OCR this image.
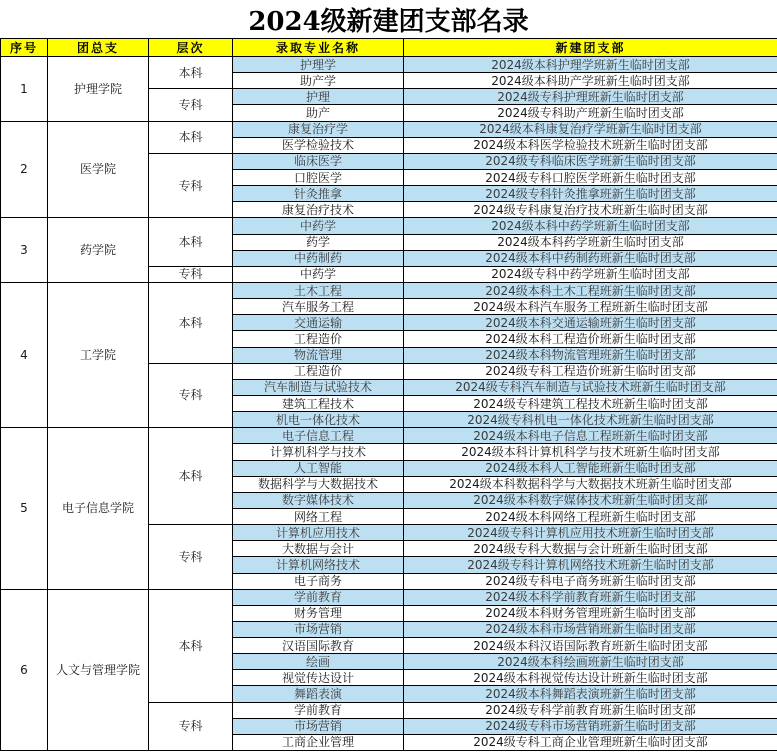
2024级新建团支部名录
序号	团总支	层次	录取专业名称	新建团支部
1	护理学院	本科	护理学	2024级本科护理学班新生临时团支部
			助产学	2024级本科助产学班新生临时团支部
		专科	护理	2024级专科护理班新生临时团支部
			助产	2024级专科助产班新生临时团支部
2	医学院	本科	康复治疗学	2024级本科康复治疗学班新生临时团支部
			医学检验技术	2024级本科医学检验技术班新生临时团支部
		专科	临床医学	2024级专科临床医学班新生临时团支部
			口腔医学	2024级专科口腔医学班新生临时团支部
			针灸推拿	2024级专科针灸推拿班新生临时团支部
			康复治疗技术	2024级专科康复治疗技术班新生临时团支部
3	药学院	本科	中药学	2024级本科中药学班新生临时团支部
			药学	2024级本科药学班新生临时团支部
			中药制药	2024级本科中药制药班新生临时团支部
		专科	中药学	2024级专科中药学班新生临时团支部
4	工学院	本科	土木工程	2024级本科土木工程班新生临时团支部
			汽车服务工程	2024级本科汽车服务工程班新生临时团支部
			交通运输	2024级本科交通运输班新生临时团支部
			工程造价	2024级本科工程造价班新生临时团支部
			物流管理	2024级本科物流管理班新生临时团支部
		专科	工程造价	2024级专科工程造价班新生临时团支部
			汽车制造与试验技术	2024级专科汽车制造与试验技术班新生临时团支部
			建筑工程技术	2024级专科建筑工程技术班新生临时团支部
			机电一体化技术	2024级专科机电一体化技术班新生临时团支部
5	电子信息学院	本科	电子信息工程	2024级本科电子信息工程班新生临时团支部
			计算机科学与技术	2024级本科计算机科学与技术班新生临时团支部
			人工智能	2024级本科人工智能班新生临时团支部
			数据科学与大数据技术	2024级本科数据科学与大数据技术班新生临时团支部
			数字媒体技术	2024级本科数字媒体技术班新生临时团支部
			网络工程	2024级本科网络工程班新生临时团支部
		专科	计算机应用技术	2024级专科计算机应用技术班新生临时团支部
			大数据与会计	2024级专科大数据与会计班新生临时团支部
			计算机网络技术	2024级专科计算机网络技术班新生临时团支部
			电子商务	2024级专科电子商务班新生临时团支部
6	人文与管理学院	本科	学前教育	2024级本科学前教育班新生临时团支部
			财务管理	2024级本科财务管理班新生临时团支部
			市场营销	2024级本科市场营销班新生临时团支部
			汉语国际教育	2024级本科汉语国际教育班新生临时团支部
			绘画	2024级本科绘画班新生临时团支部
			视觉传达设计	2024级本科视觉传达设计班新生临时团支部
			舞蹈表演	2024级本科舞蹈表演班新生临时团支部
		专科	学前教育	2024级专科学前教育班新生临时团支部
			市场营销	2024级专科市场营销班新生临时团支部
			工商企业管理	2024级专科工商企业管理班新生临时团支部
